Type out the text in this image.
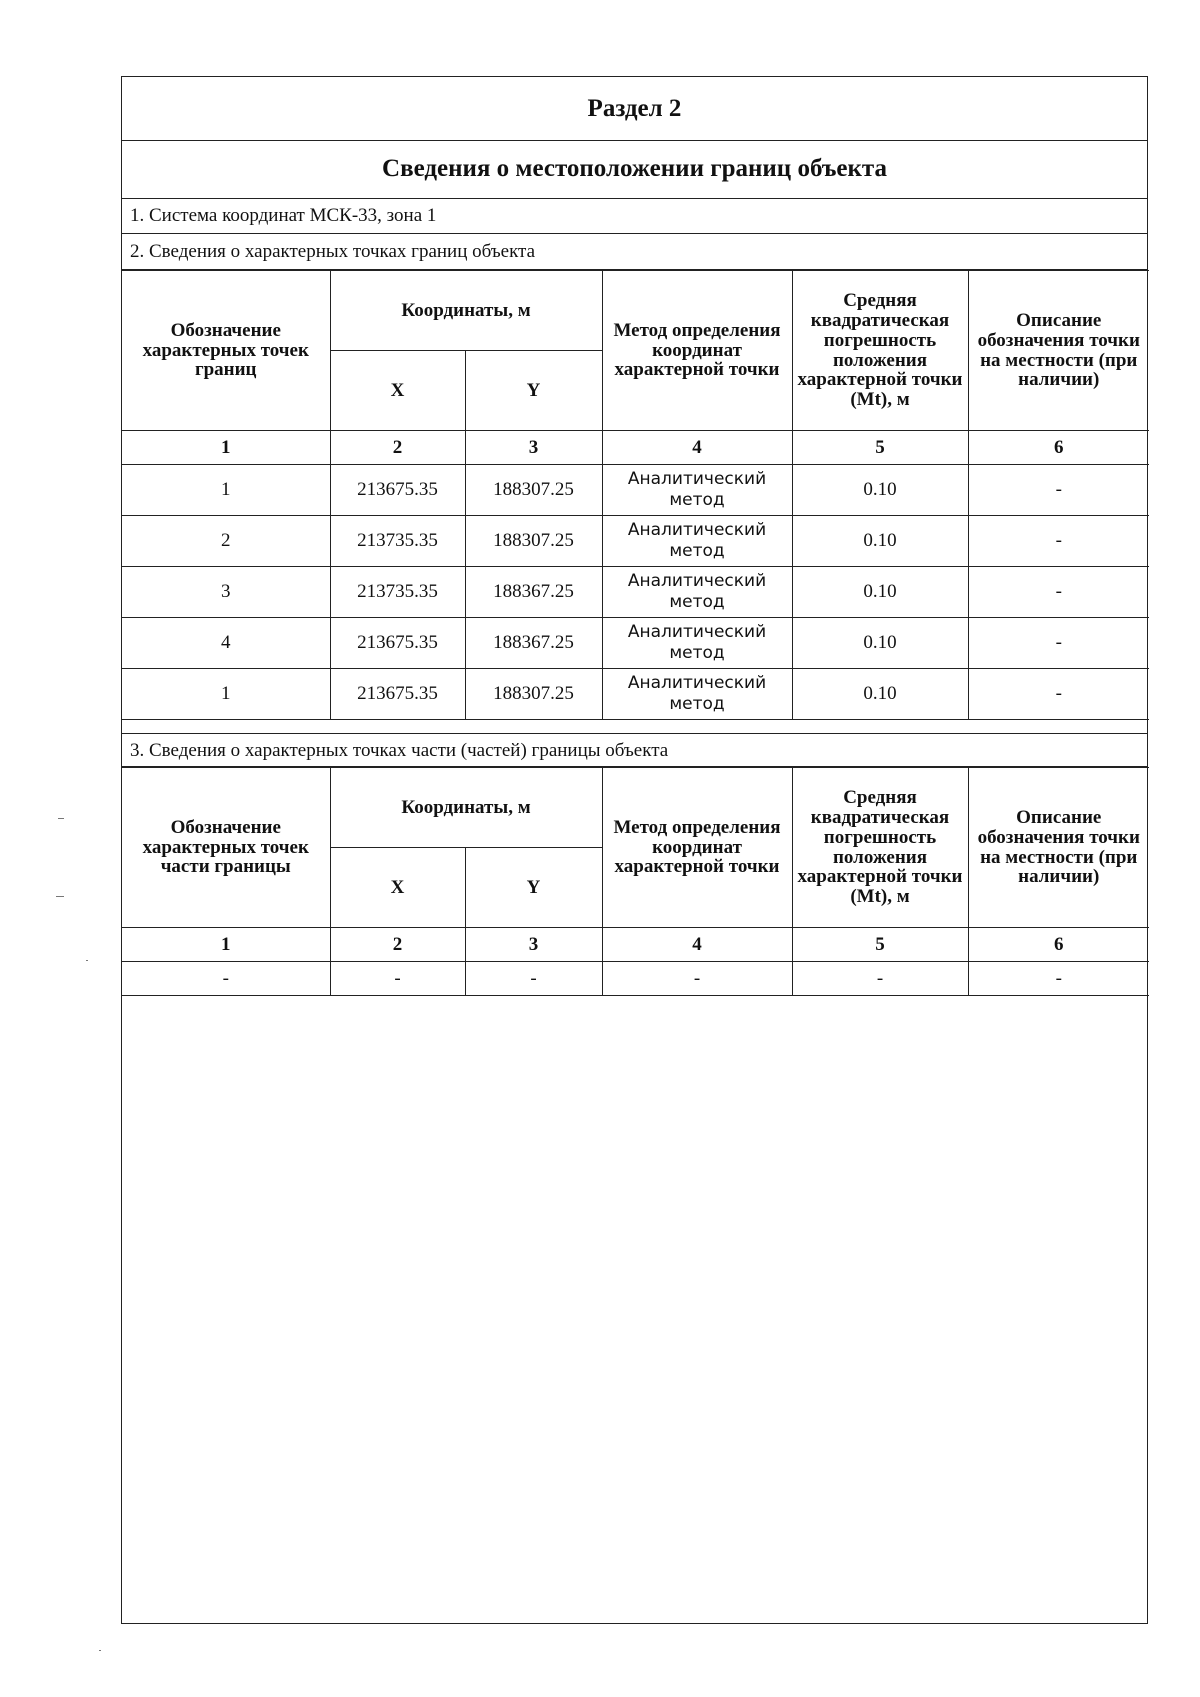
Раздел 2
Сведения о местоположении границ объекта
1. Система координат МСК-33, зона 1
2. Сведения о характерных точках границ объекта
Обозначение характерных точек границ	Координаты, м		Метод определения координат характерной точки	Средняя квадратическая погрешность положения характерной точки (Mt), м	Описание обозначения точки на местности (при наличии)
	X	Y			
1	2	3	4	5	6
1	213675.35	188307.25	Аналитический метод	0.10	-
2	213735.35	188307.25	Аналитический метод	0.10	-
3	213735.35	188367.25	Аналитический метод	0.10	-
4	213675.35	188367.25	Аналитический метод	0.10	-
1	213675.35	188307.25	Аналитический метод	0.10	-
3. Сведения о характерных точках части (частей) границы объекта
Обозначение характерных точек части границы	Координаты, м		Метод определения координат характерной точки	Средняя квадратическая погрешность положения характерной точки (Mt), м	Описание обозначения точки на местности (при наличии)
	X	Y			
1	2	3	4	5	6
-	-	-	-	-	-
